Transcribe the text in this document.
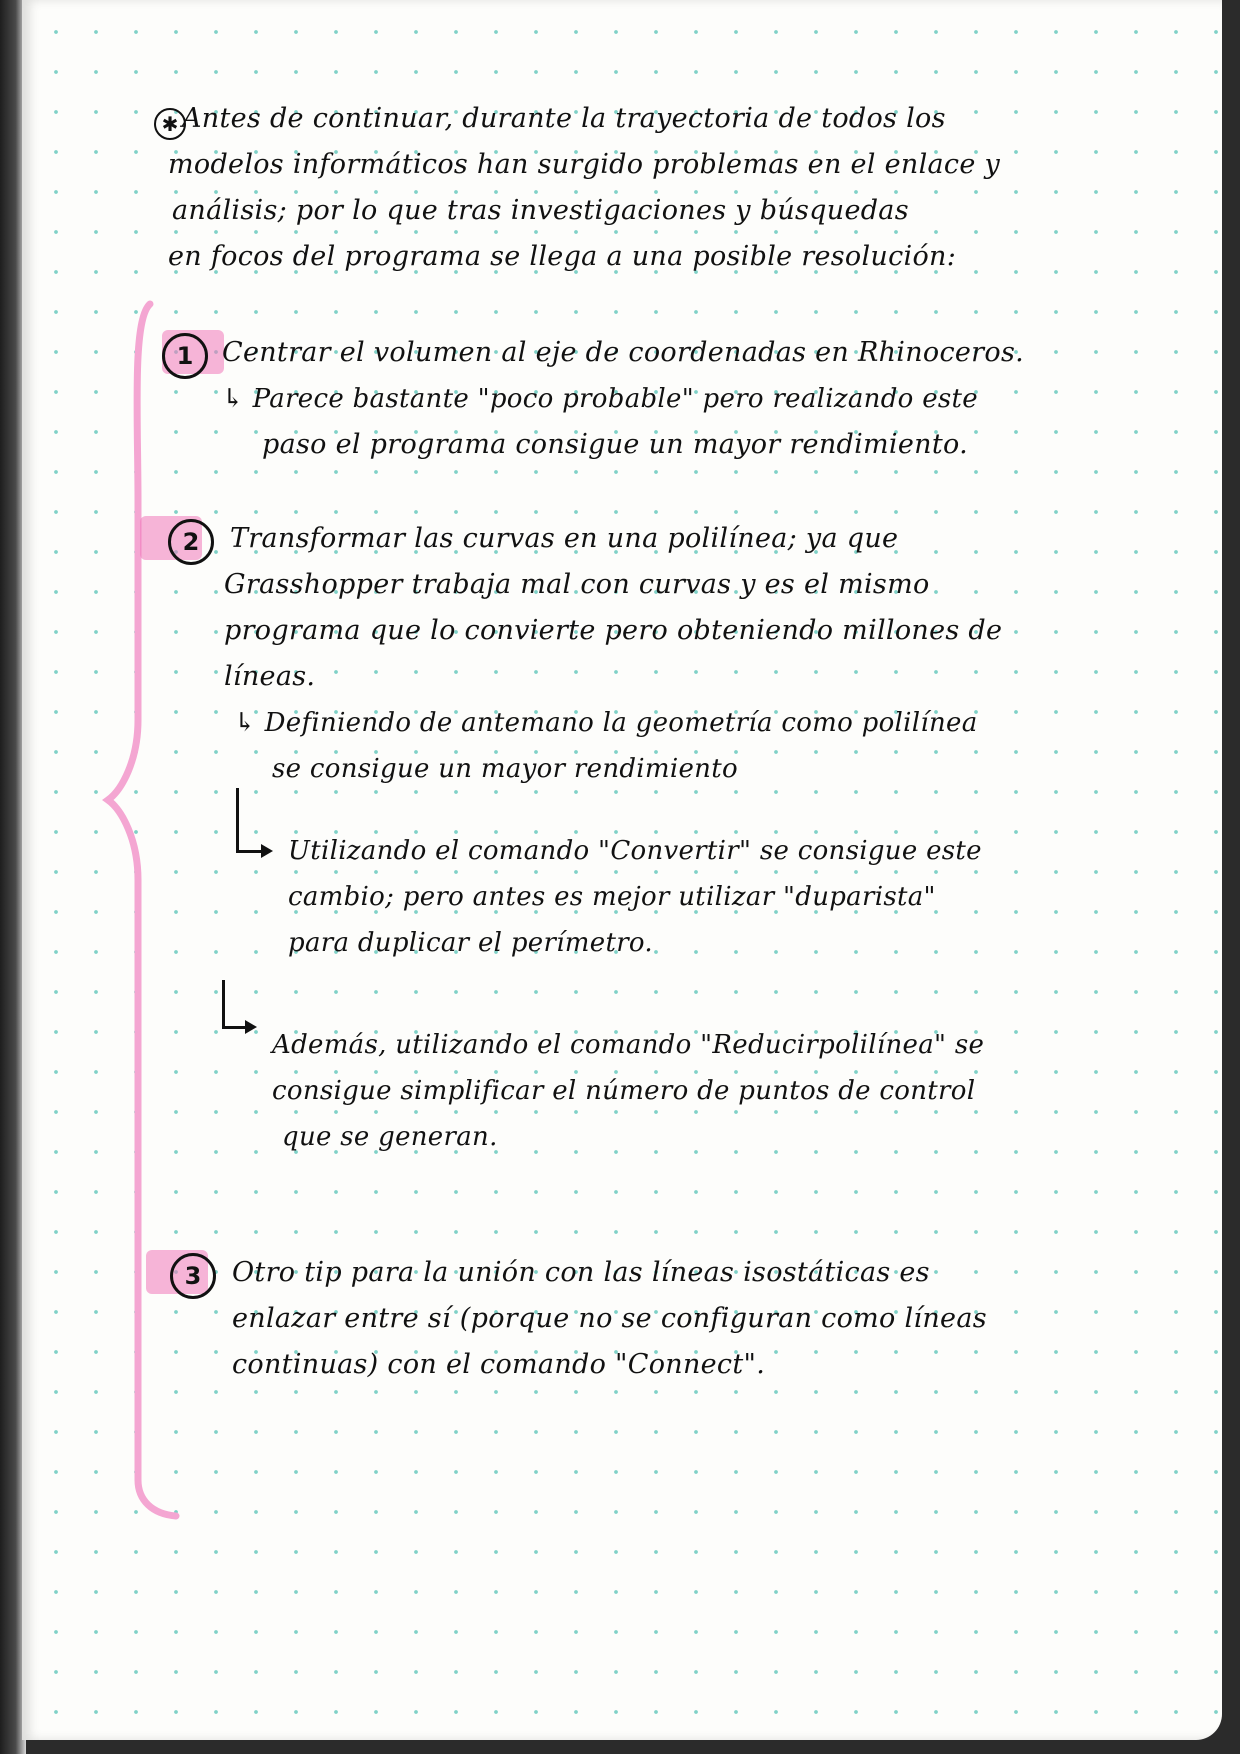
✱ Antes de continuar, durante la trayectoria de todos los
modelos informáticos han surgido problemas en el enlace y
análisis; por lo que tras investigaciones y búsquedas
en focos del programa se llega a una posible resolución:
1	Centrar el volumen al eje de coordenadas en Rhinoceros.
↳ Parece bastante "poco probable" pero realizando este
paso el programa consigue un mayor rendimiento.
2	Transformar las curvas en una polilínea; ya que
Grasshopper trabaja mal con curvas y es el mismo
programa que lo convierte pero obteniendo millones de
líneas.
↳ Definiendo de antemano la geometría como polilínea
se consigue un mayor rendimiento
Utilizando el comando "Convertir" se consigue este
cambio; pero antes es mejor utilizar "duparista"
para duplicar el perímetro.
Además, utilizando el comando "Reducirpolilínea" se
consigue simplificar el número de puntos de control
que se generan.
3	Otro tip para la unión con las líneas isostáticas es
enlazar entre sí (porque no se configuran como líneas
continuas) con el comando "Connect".
